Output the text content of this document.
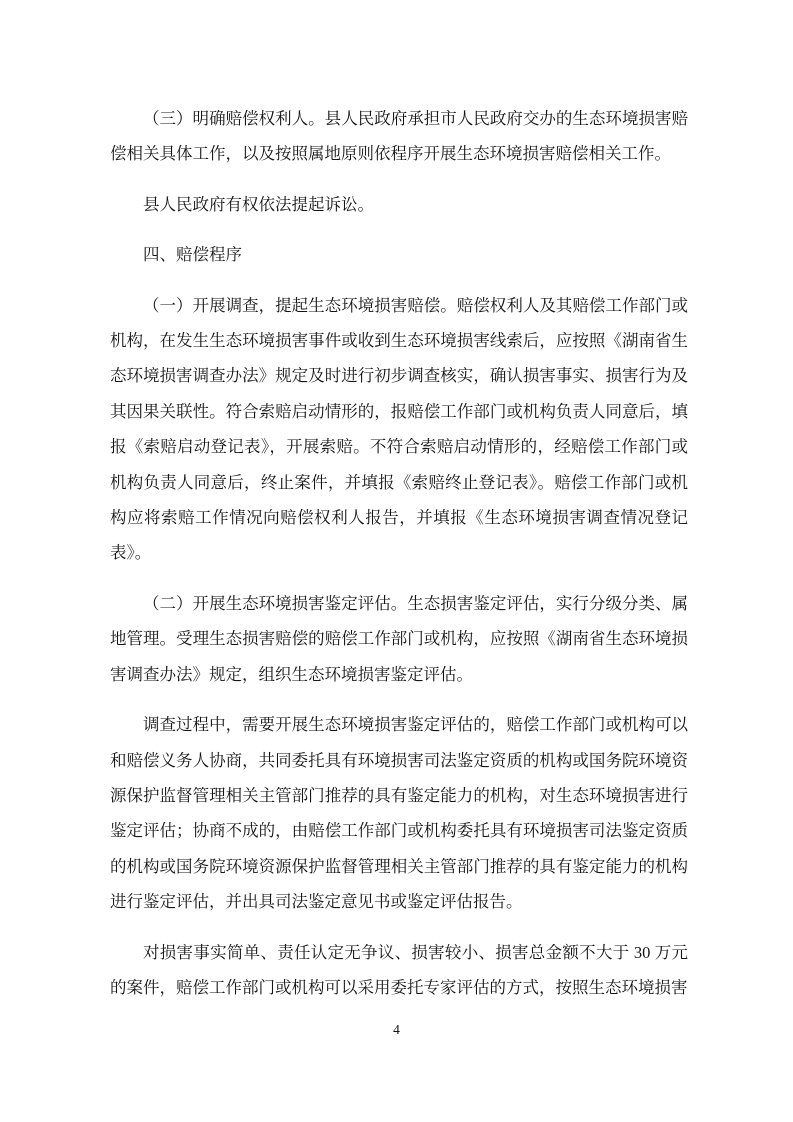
（三）明确赔偿权利人。县人民政府承担市人民政府交办的生态环境损害赔偿相关具体工作，以及按照属地原则依程序开展生态环境损害赔偿相关工作。

县人民政府有权依法提起诉讼。

四、赔偿程序

（一）开展调查，提起生态环境损害赔偿。赔偿权利人及其赔偿工作部门或机构，在发生生态环境损害事件或收到生态环境损害线索后，应按照《湖南省生态环境损害调查办法》规定及时进行初步调查核实，确认损害事实、损害行为及其因果关联性。符合索赔启动情形的，报赔偿工作部门或机构负责人同意后，填报《索赔启动登记表》，开展索赔。不符合索赔启动情形的，经赔偿工作部门或机构负责人同意后，终止案件，并填报《索赔终止登记表》。赔偿工作部门或机构应将索赔工作情况向赔偿权利人报告，并填报《生态环境损害调查情况登记表》。

（二）开展生态环境损害鉴定评估。生态损害鉴定评估，实行分级分类、属地管理。受理生态损害赔偿的赔偿工作部门或机构，应按照《湖南省生态环境损害调查办法》规定，组织生态环境损害鉴定评估。

调查过程中，需要开展生态环境损害鉴定评估的，赔偿工作部门或机构可以和赔偿义务人协商，共同委托具有环境损害司法鉴定资质的机构或国务院环境资源保护监督管理相关主管部门推荐的具有鉴定能力的机构，对生态环境损害进行鉴定评估；协商不成的，由赔偿工作部门或机构委托具有环境损害司法鉴定资质的机构或国务院环境资源保护监督管理相关主管部门推荐的具有鉴定能力的机构进行鉴定评估，并出具司法鉴定意见书或鉴定评估报告。

对损害事实简单、责任认定无争议、损害较小、损害总金额不大于 30 万元的案件，赔偿工作部门或机构可以采用委托专家评估的方式，按照生态环境损害

4
